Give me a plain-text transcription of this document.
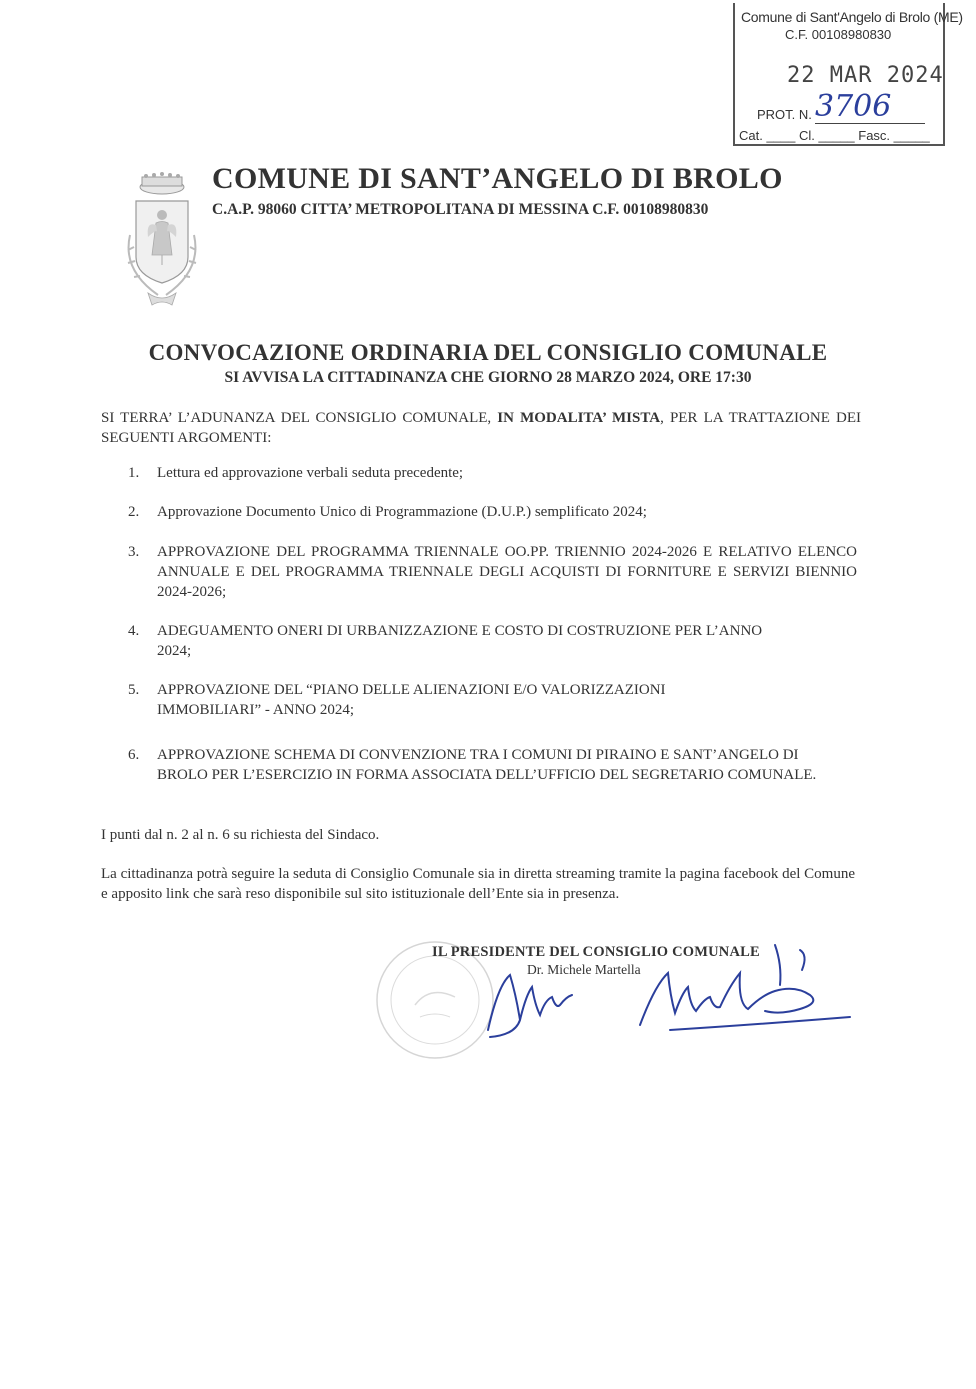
Comune di Sant'Angelo di Brolo (ME)
C.F. 00108980830
22 MAR 2024
PROT. N. 3706
Cat. ____ Cl. _____ Fasc. _____
COMUNE DI SANT’ANGELO DI BROLO
C.A.P. 98060 CITTA’ METROPOLITANA DI MESSINA C.F. 00108980830
CONVOCAZIONE ORDINARIA DEL CONSIGLIO COMUNALE
SI AVVISA LA CITTADINANZA CHE GIORNO 28 MARZO 2024, ORE 17:30
SI TERRA’ L’ADUNANZA DEL CONSIGLIO COMUNALE, IN MODALITA’ MISTA, PER LA TRATTAZIONE DEI SEGUENTI ARGOMENTI:
1.	Lettura ed approvazione verbali seduta precedente;
2.	Approvazione Documento Unico di Programmazione (D.U.P.) semplificato 2024;
3.	APPROVAZIONE DEL PROGRAMMA TRIENNALE OO.PP. TRIENNIO 2024-2026 E RELATIVO ELENCO ANNUALE E DEL PROGRAMMA TRIENNALE DEGLI ACQUISTI DI FORNITURE E SERVIZI BIENNIO 2024-2026;
4.	ADEGUAMENTO ONERI DI URBANIZZAZIONE E COSTO DI COSTRUZIONE PER L’ANNO 2024;
5.	APPROVAZIONE DEL “PIANO DELLE ALIENAZIONI E/O VALORIZZAZIONI IMMOBILIARI” - ANNO 2024;
6.	APPROVAZIONE SCHEMA DI CONVENZIONE TRA I COMUNI DI PIRAINO E SANT’ANGELO DI BROLO PER L’ESERCIZIO IN FORMA ASSOCIATA DELL’UFFICIO DEL SEGRETARIO COMUNALE.
I punti dal n. 2 al n. 6 su richiesta del Sindaco.
La cittadinanza potrà seguire la seduta di Consiglio Comunale sia in diretta streaming tramite la pagina facebook del Comune e apposito link che sarà reso disponibile sul sito istituzionale dell’Ente sia in presenza.
IL PRESIDENTE DEL CONSIGLIO COMUNALE
Dr. Michele Martella
